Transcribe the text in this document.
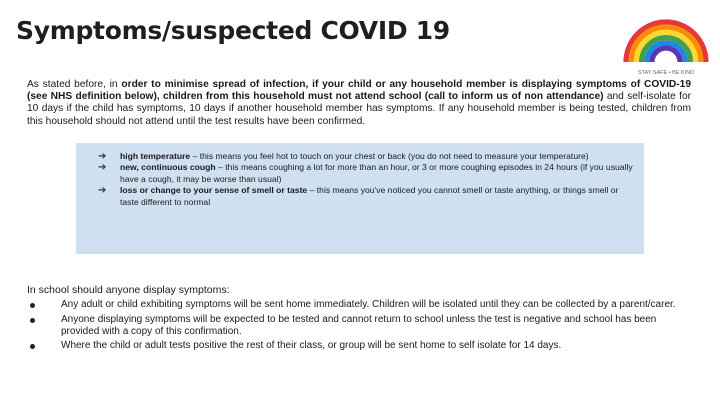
Symptoms/suspected COVID 19
STAY SAFE • BE KIND

As stated before, in order to minimise spread of infection, if your child or any household member is displaying symptoms of COVID-19 (see NHS definition below), children from this household must not attend school (call to inform us of non attendance) and self-isolate for 10 days if the child has symptoms, 10 days if another household member has symptoms. If any household member is being tested, children from this household should not attend until the test results have been confirmed.

➔ high temperature – this means you feel hot to touch on your chest or back (you do not need to measure your temperature)
➔ new, continuous cough – this means coughing a lot for more than an hour, or 3 or more coughing episodes in 24 hours (if you usually have a cough, it may be worse than usual)
➔ loss or change to your sense of smell or taste – this means you've noticed you cannot smell or taste anything, or things smell or taste different to normal

In school should anyone display symptoms:

Any adult or child exhibiting symptoms will be sent home immediately. Children will be isolated until they can be collected by a parent/carer.
Anyone displaying symptoms will be expected to be tested and cannot return to school unless the test is negative and school has been provided with a copy of this confirmation.
Where the child or adult tests positive the rest of their class, or group will be sent home to self isolate for 14 days.
